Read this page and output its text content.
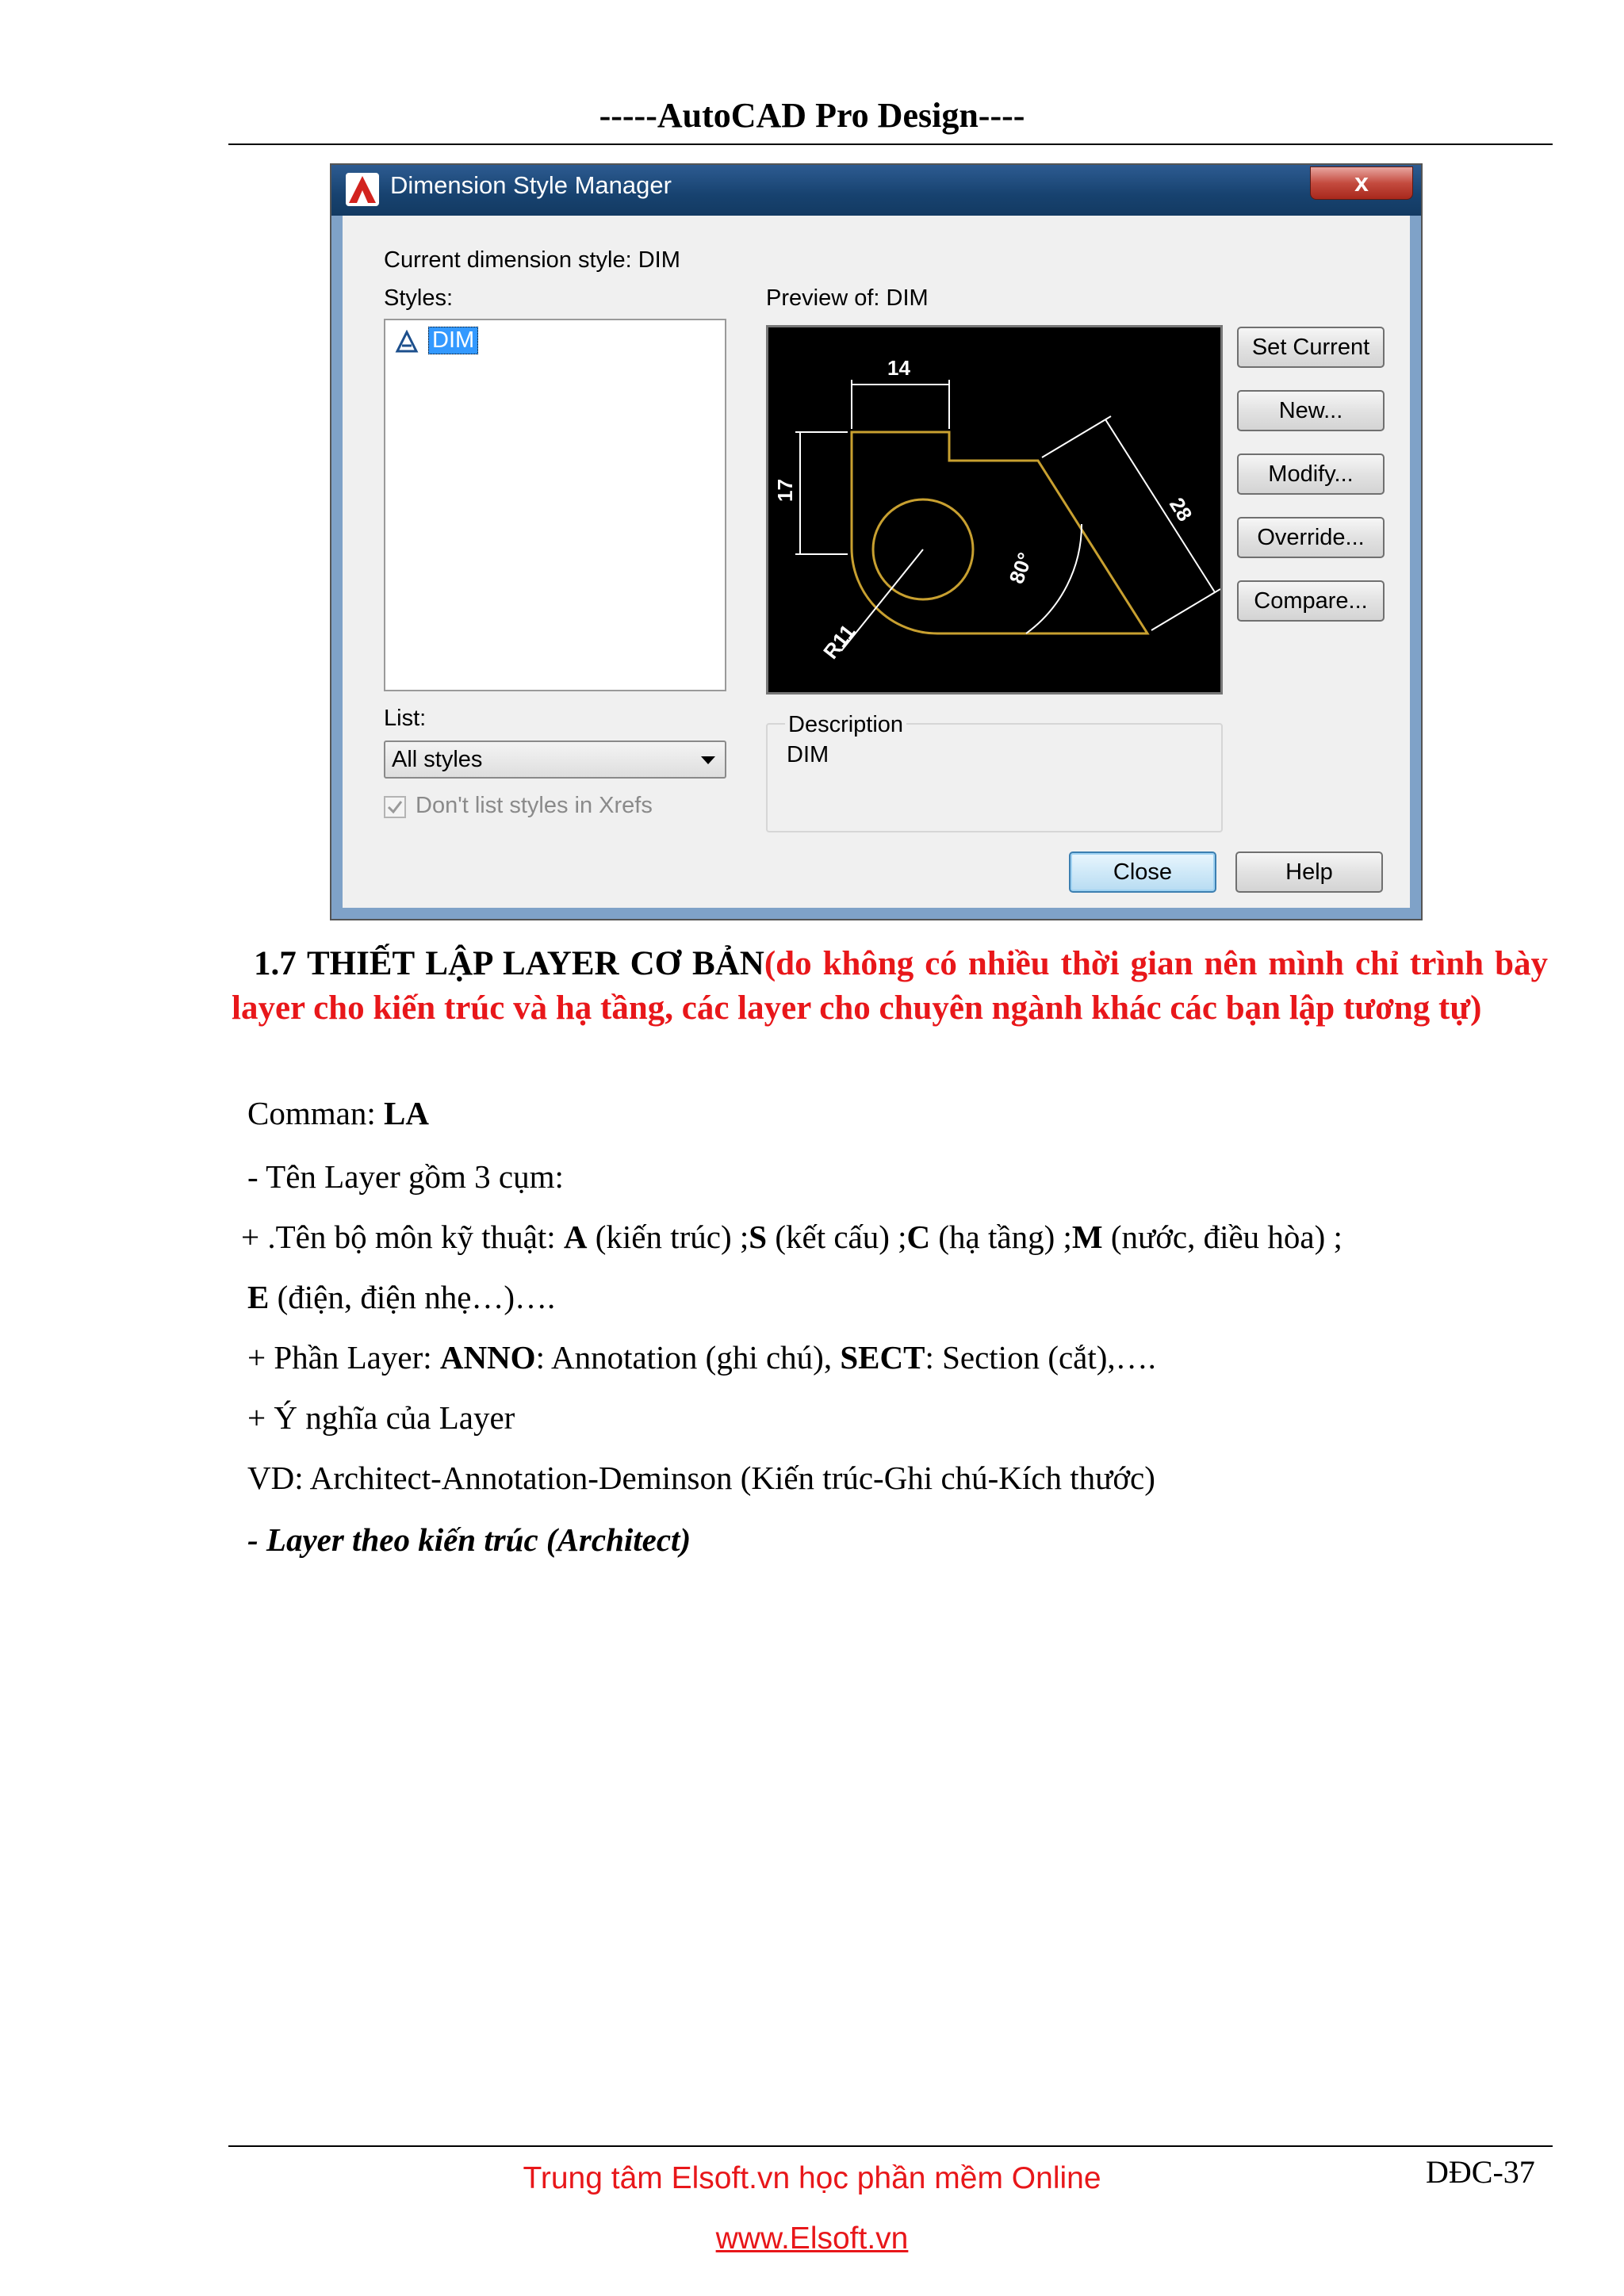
-----AutoCAD Pro Design----
Dimension Style Manager	x
Current dimension style: DIM
Styles:
DIM
Preview of: DIM
14
17
28
80°
R11
Set Current
New...
Modify...
Override...
Compare...
List:
All styles
Don't list styles in Xrefs
Description
DIM
Close	Help
1.7 THIẾT LẬP LAYER CƠ BẢN(do không có nhiều thời gian nên mình chỉ trình bày layer cho kiến trúc và hạ tầng, các layer cho chuyên ngành khác các bạn lập tương tự)
Comman: LA
- Tên Layer gồm 3 cụm:
+ .Tên bộ môn kỹ thuật: A (kiến trúc) ;S (kết cấu) ;C (hạ tầng) ;M (nước, điều hòa) ;
E (điện, điện nhẹ…)….
+ Phần Layer: ANNO: Annotation (ghi chú), SECT: Section (cắt),….
+ Ý nghĩa của Layer
VD: Architect-Annotation-Deminson (Kiến trúc-Ghi chú-Kích thước)
- Layer theo kiến trúc (Architect)
Trung tâm Elsoft.vn học phần mềm Online
www.Elsoft.vn
DĐC-37
